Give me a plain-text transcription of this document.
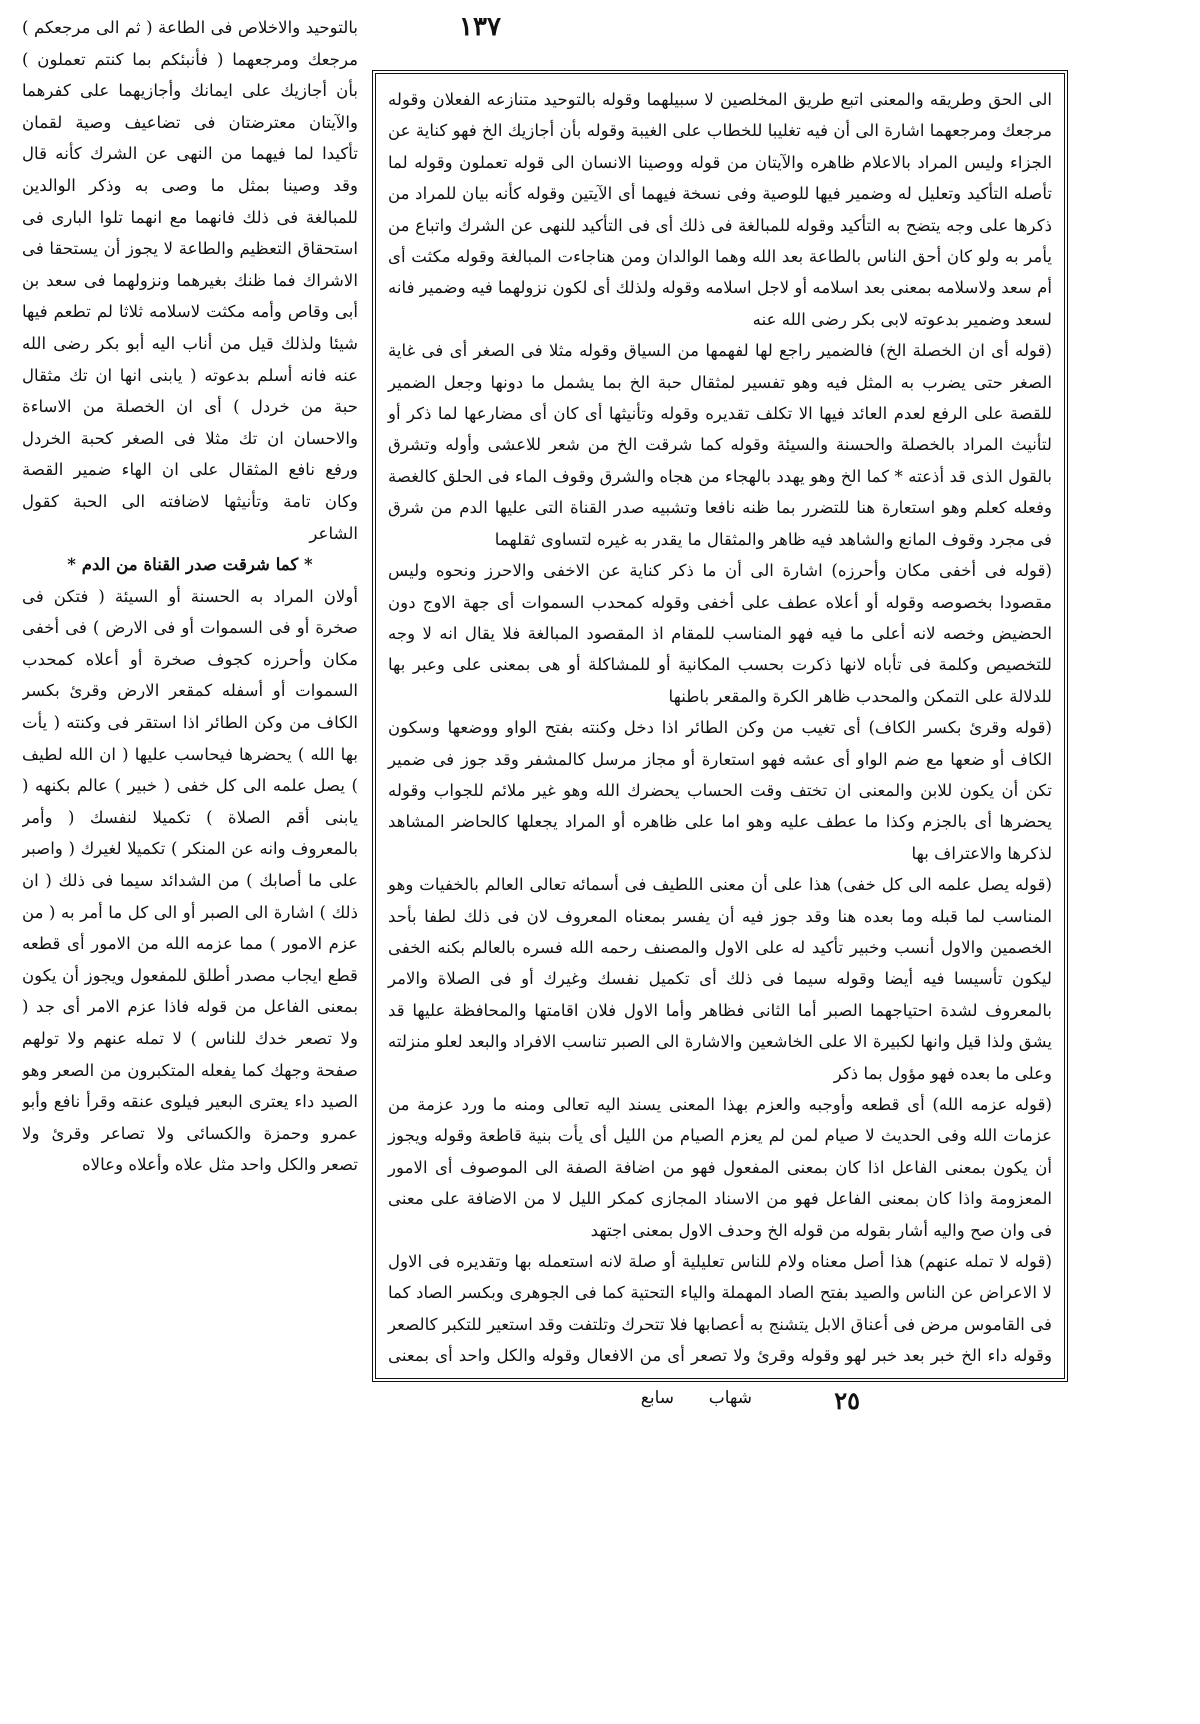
١٣٧

بالتوحيد والاخلاص فى الطاعة ( ثم الى مرجعكم ) مرجعك ومرجعهما ( فأنبئكم بما كنتم تعملون ) بأن أجازيك على ايمانك وأجازيهما على كفرهما والآيتان معترضتان فى تضاعيف وصية لقمان تأكيدا لما فيهما من النهى عن الشرك كأنه قال وقد وصينا بمثل ما وصى به وذكر الوالدين للمبالغة فى ذلك فانهما مع انهما تلوا البارى فى استحقاق التعظيم والطاعة لا يجوز أن يستحقا فى الاشراك فما ظنك بغيرهما ونزولهما فى سعد بن أبى وقاص وأمه مكثت لاسلامه ثلاثا لم تطعم فيها شيئا ولذلك قيل من أناب اليه أبو بكر رضى الله عنه فانه أسلم بدعوته ( يابنى انها ان تك مثقال حبة من خردل ) أى ان الخصلة من الاساءة والاحسان ان تك مثلا فى الصغر كحبة الخردل ورفع نافع المثقال على ان الهاء ضمير القصة وكان تامة وتأنيثها لاضافته الى الحبة كقول الشاعر

* كما شرقت صدر القناة من الدم *

أولان المراد به الحسنة أو السيئة ( فتكن فى صخرة أو فى السموات أو فى الارض ) فى أخفى مكان وأحرزه كجوف صخرة أو أعلاه كمحدب السموات أو أسفله كمقعر الارض وقرئ بكسر الكاف من وكن الطائر اذا استقر فى وكنته ( يأت بها الله ) يحضرها فيحاسب عليها ( ان الله لطيف ) يصل علمه الى كل خفى ( خبير ) عالم بكنهه ( يابنى أقم الصلاة ) تكميلا لنفسك ( وأمر بالمعروف وانه عن المنكر ) تكميلا لغيرك ( واصبر على ما أصابك ) من الشدائد سيما فى ذلك ( ان ذلك ) اشارة الى الصبر أو الى كل ما أمر به ( من عزم الامور ) مما عزمه الله من الامور أى قطعه قطع ايجاب مصدر أطلق للمفعول ويجوز أن يكون بمعنى الفاعل من قوله فاذا عزم الامر أى جد ( ولا تصعر خدك للناس ) لا تمله عنهم ولا تولهم صفحة وجهك كما يفعله المتكبرون من الصعر وهو الصيد داء يعترى البعير فيلوى عنقه وقرأ نافع وأبو عمرو وحمزة والكسائى ولا تصاعر وقرئ ولا تصعر والكل واحد مثل علاه وأعلاه وعالاه

الى الحق وطريقه والمعنى اتبع طريق المخلصين لا سبيلهما وقوله بالتوحيد متنازعه الفعلان وقوله مرجعك ومرجعهما اشارة الى أن فيه تغليبا للخطاب على الغيبة وقوله بأن أجازيك الخ فهو كناية عن الجزاء وليس المراد بالاعلام ظاهره والآيتان من قوله ووصينا الانسان الى قوله تعملون وقوله لما تأصله التأكيد وتعليل له وضمير فيها للوصية وفى نسخة فيهما أى الآيتين وقوله كأنه بيان للمراد من ذكرها على وجه يتضح به التأكيد وقوله للمبالغة فى ذلك أى فى التأكيد للنهى عن الشرك واتباع من يأمر به ولو كان أحق الناس بالطاعة بعد الله وهما الوالدان ومن هناجاءت المبالغة وقوله مكثت أى أم سعد ولاسلامه بمعنى بعد اسلامه أو لاجل اسلامه وقوله ولذلك أى لكون نزولهما فيه وضمير فانه لسعد وضمير بدعوته لابى بكر رضى الله عنه

(قوله أى ان الخصلة الخ) فالضمير راجع لها لفهمها من السياق وقوله مثلا فى الصغر أى فى غاية الصغر حتى يضرب به المثل فيه وهو تفسير لمثقال حبة الخ بما يشمل ما دونها وجعل الضمير للقصة على الرفع لعدم العائد فيها الا تكلف تقديره وقوله وتأنيثها أى كان أى مضارعها لما ذكر أو لتأنيث المراد بالخصلة والحسنة والسيئة وقوله كما شرقت الخ من شعر للاعشى وأوله وتشرق بالقول الذى قد أذعته * كما الخ وهو يهدد بالهجاء من هجاه والشرق وقوف الماء فى الحلق كالغصة وفعله كعلم وهو استعارة هنا للتضرر بما ظنه نافعا وتشبيه صدر القناة التى عليها الدم من شرق فى مجرد وقوف المانع والشاهد فيه ظاهر والمثقال ما يقدر به غيره لتساوى ثقلهما

(قوله فى أخفى مكان وأحرزه) اشارة الى أن ما ذكر كناية عن الاخفى والاحرز ونحوه وليس مقصودا بخصوصه وقوله أو أعلاه عطف على أخفى وقوله كمحدب السموات أى جهة الاوج دون الحضيض وخصه لانه أعلى ما فيه فهو المناسب للمقام اذ المقصود المبالغة فلا يقال انه لا وجه للتخصيص وكلمة فى تأباه لانها ذكرت بحسب المكانية أو للمشاكلة أو هى بمعنى على وعبر بها للدلالة على التمكن والمحدب ظاهر الكرة والمقعر باطنها

(قوله وقرئ بكسر الكاف) أى تغيب من وكن الطائر اذا دخل وكنته بفتح الواو ووضعها وسكون الكاف أو ضعها مع ضم الواو أى عشه فهو استعارة أو مجاز مرسل كالمشفر وقد جوز فى ضمير تكن أن يكون للابن والمعنى ان تختف وقت الحساب يحضرك الله وهو غير ملائم للجواب وقوله يحضرها أى بالجزم وكذا ما عطف عليه وهو اما على ظاهره أو المراد يجعلها كالحاضر المشاهد لذكرها والاعتراف بها

(قوله يصل علمه الى كل خفى) هذا على أن معنى اللطيف فى أسمائه تعالى العالم بالخفيات وهو المناسب لما قبله وما بعده هنا وقد جوز فيه أن يفسر بمعناه المعروف لان فى ذلك لطفا بأحد الخصمين والاول أنسب وخبير تأكيد له على الاول والمصنف رحمه الله فسره بالعالم بكنه الخفى ليكون تأسيسا فيه أيضا وقوله سيما فى ذلك أى تكميل نفسك وغيرك أو فى الصلاة والامر بالمعروف لشدة احتياجهما الصبر أما الثانى فظاهر وأما الاول فلان اقامتها والمحافظة عليها قد يشق ولذا قيل وانها لكبيرة الا على الخاشعين والاشارة الى الصبر تناسب الافراد والبعد لعلو منزلته وعلى ما بعده فهو مؤول بما ذكر

(قوله عزمه الله) أى قطعه وأوجبه والعزم بهذا المعنى يسند اليه تعالى ومنه ما ورد عزمة من عزمات الله وفى الحديث لا صيام لمن لم يعزم الصيام من الليل أى يأت بنية قاطعة وقوله ويجوز أن يكون بمعنى الفاعل اذا كان بمعنى المفعول فهو من اضافة الصفة الى الموصوف أى الامور المعزومة واذا كان بمعنى الفاعل فهو من الاسناد المجازى كمكر الليل لا من الاضافة على معنى فى وان صح واليه أشار بقوله من قوله الخ وحدف الاول بمعنى اجتهد

(قوله لا تمله عنهم) هذا أصل معناه ولام للناس تعليلية أو صلة لانه استعمله بها وتقديره فى الاول لا الاعراض عن الناس والصيد بفتح الصاد المهملة والياء التحتية كما فى الجوهرى وبكسر الصاد كما فى القاموس مرض فى أعناق الابل يتشنج به أعصابها فلا تتحرك وتلتفت وقد استعير للتكبر كالصعر وقوله داء الخ خبر بعد خبر لهو وقوله وقرئ ولا تصعر أى من الافعال وقوله والكل واحد أى بمعنى

٢٥
شهاب
سابع
